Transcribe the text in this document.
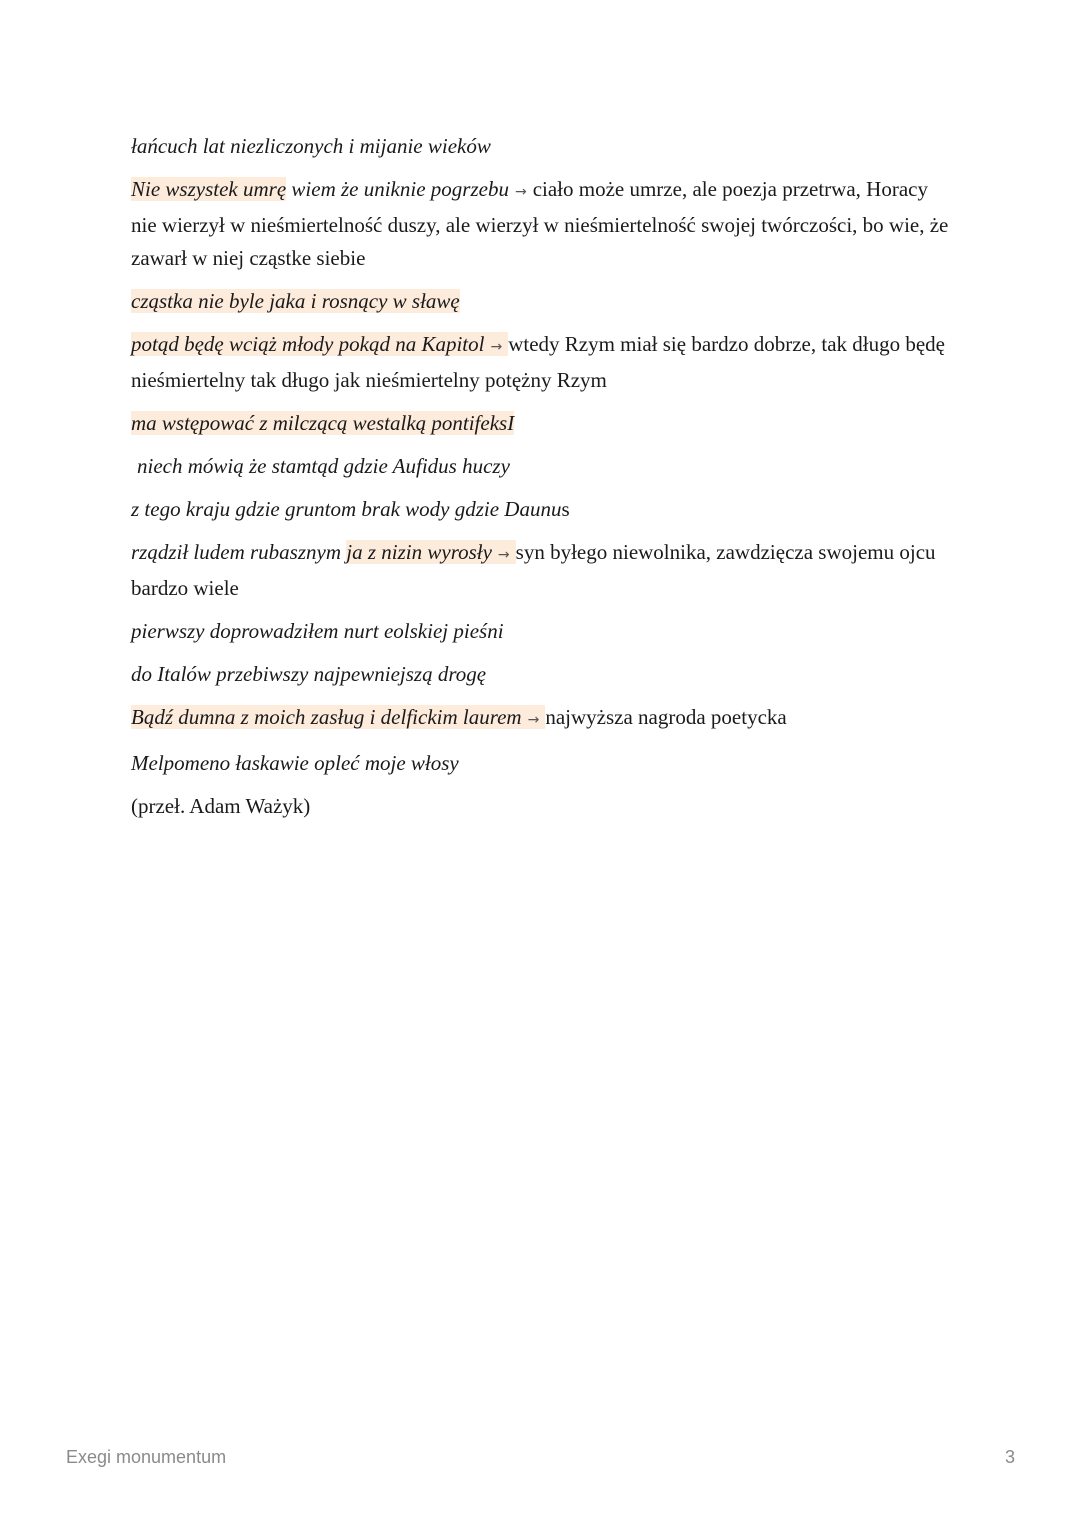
łańcuch lat niezliczonych i mijanie wieków

Nie wszystek umrę wiem że uniknie pogrzebu → ciało może umrze, ale poezja przetrwa, Horacy nie wierzył w nieśmiertelność duszy, ale wierzył w nieśmiertelność swojej twórczości, bo wie, że zawarł w niej cząstke siebie

cząstka nie byle jaka i rosnący w sławę

potąd będę wciąż młody pokąd na Kapitol → wtedy Rzym miał się bardzo dobrze, tak długo będę nieśmiertelny tak długo jak nieśmiertelny potężny Rzym

ma wstępować z milczącą westalką pontifeksI

niech mówią że stamtąd gdzie Aufidus huczy

z tego kraju gdzie gruntom brak wody gdzie Daunus

rządził ludem rubasznym ja z nizin wyrosły → syn byłego niewolnika, zawdzięcza swojemu ojcu bardzo wiele

pierwszy doprowadziłem nurt eolskiej pieśni

do Italów przebiwszy najpewniejszą drogę

Bądź dumna z moich zasług i delfickim laurem → najwyższa nagroda poetycka

Melpomeno łaskawie opleć moje włosy

(przeł. Adam Ważyk)

Exegi monumentum	3
